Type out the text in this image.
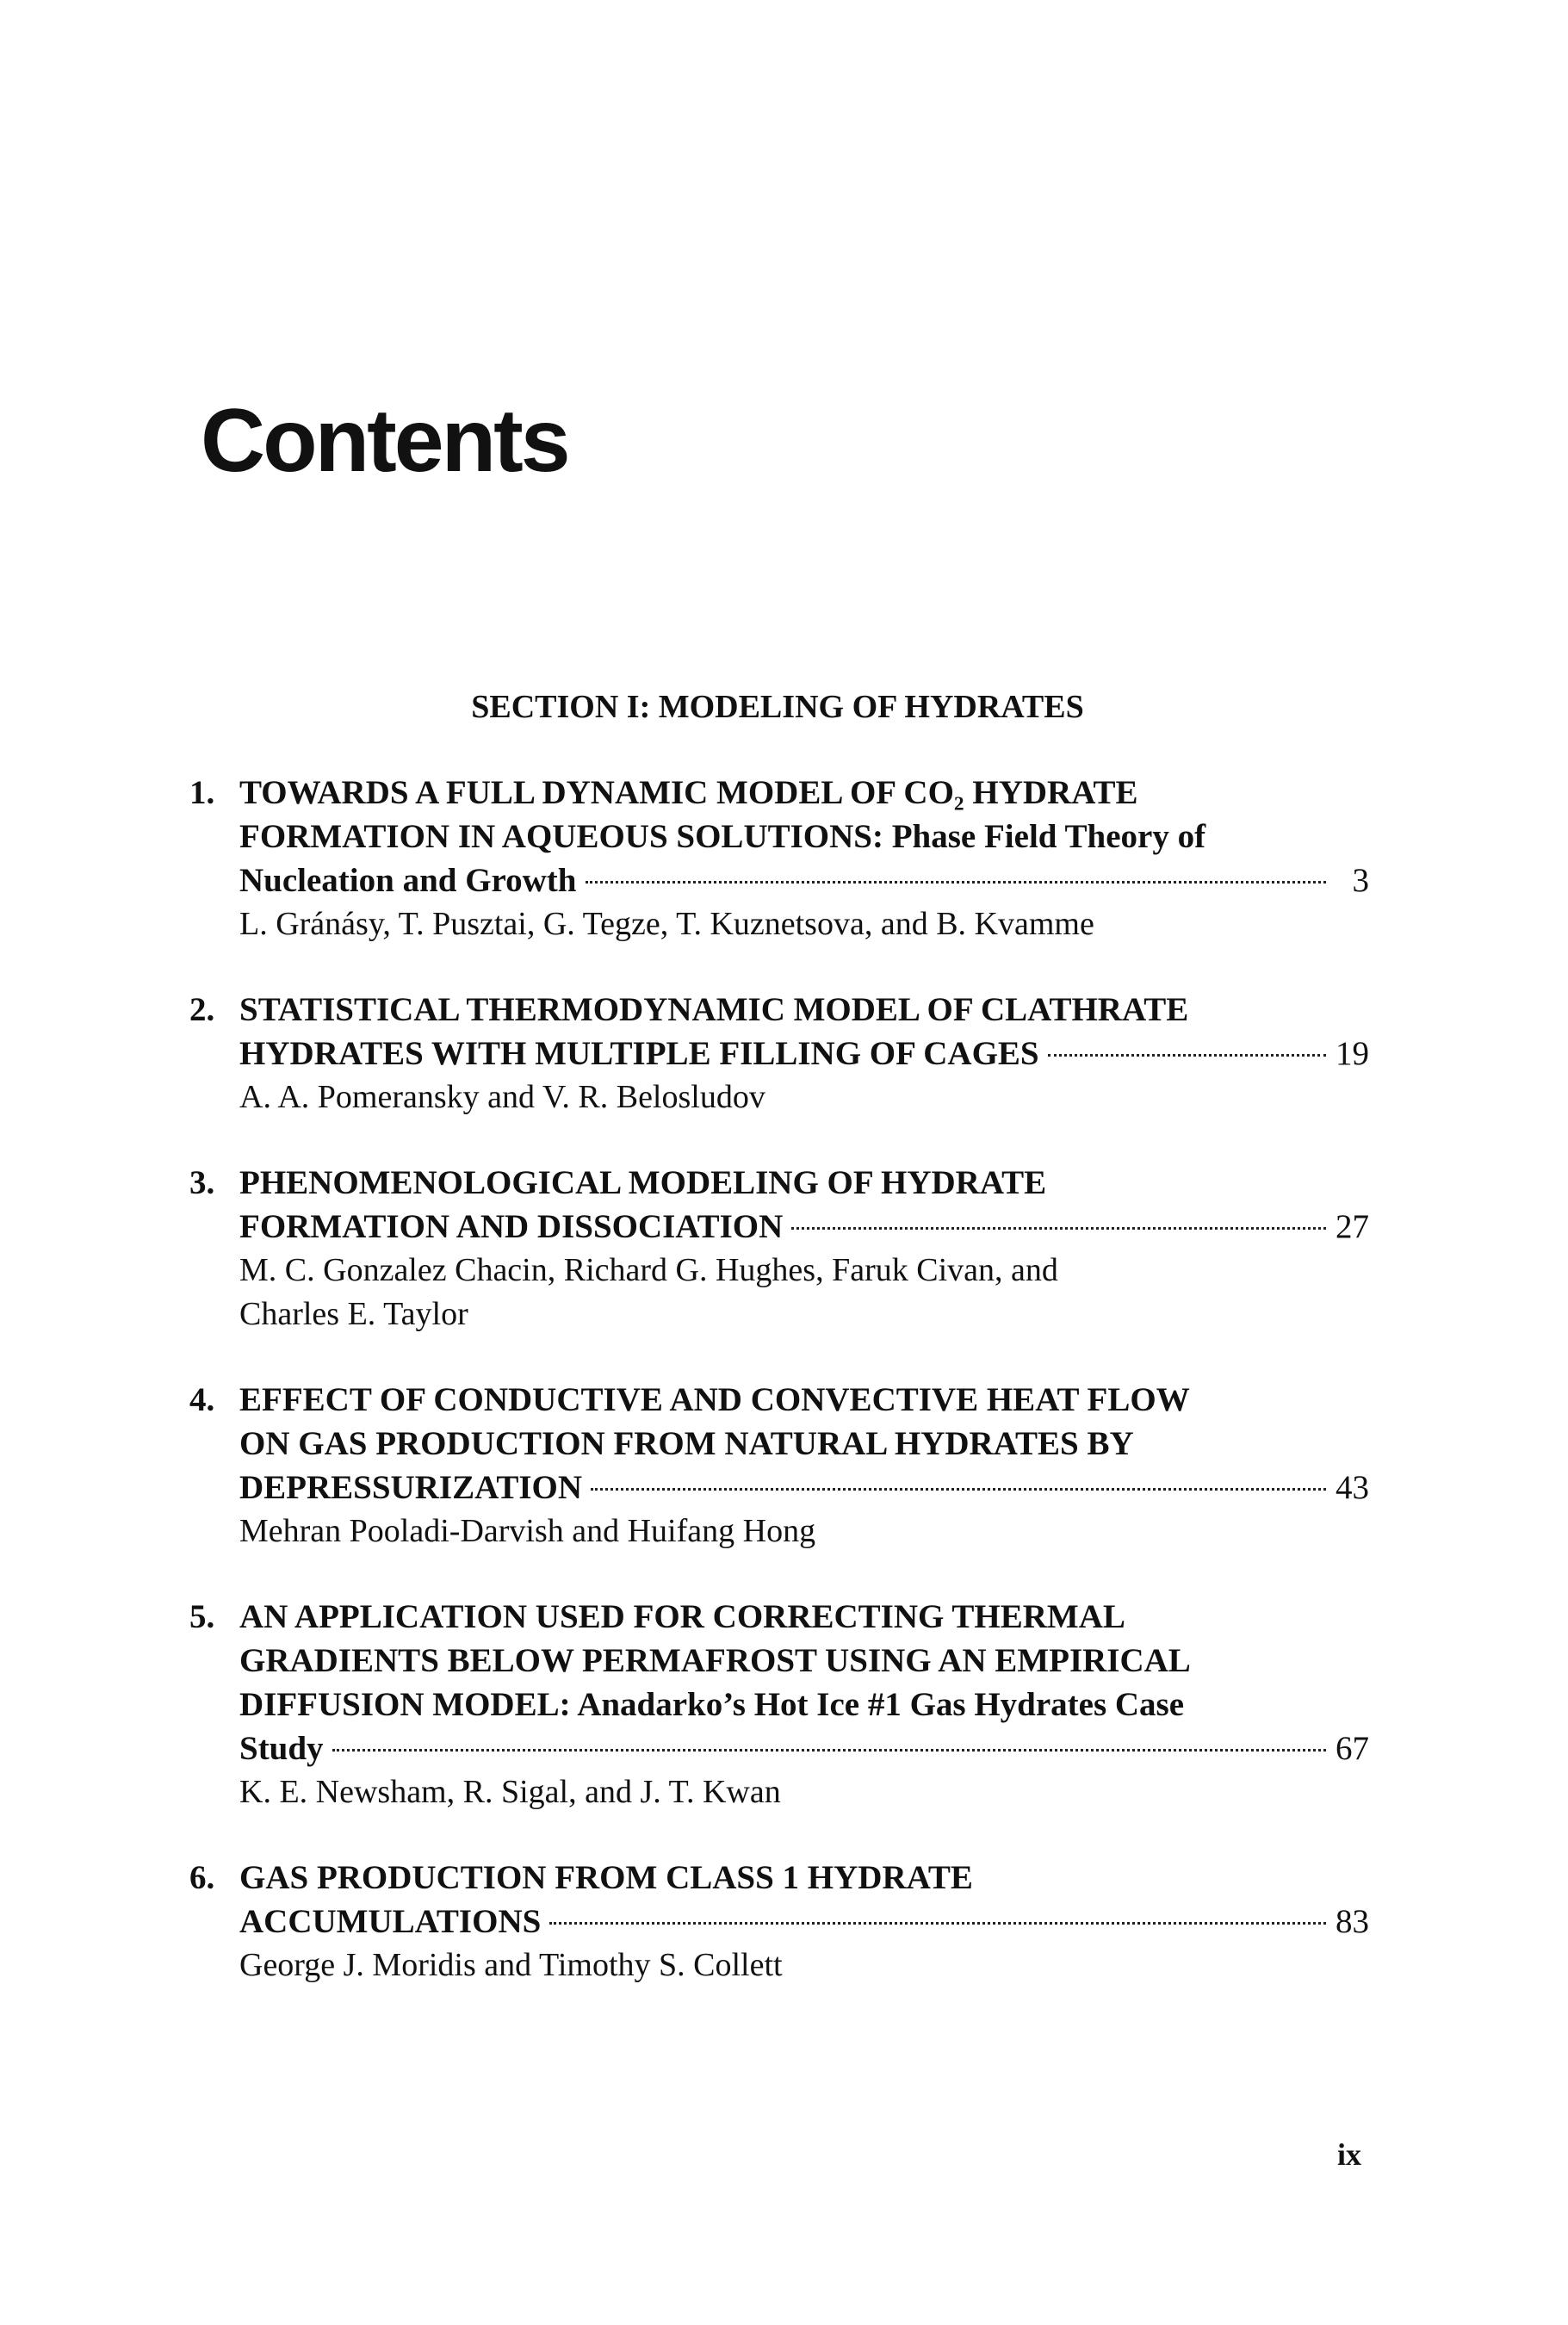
Contents
SECTION I: MODELING OF HYDRATES
1. TOWARDS A FULL DYNAMIC MODEL OF CO₂ HYDRATE
FORMATION IN AQUEOUS SOLUTIONS: Phase Field Theory of
Nucleation and Growth	3
L. Gránásy, T. Pusztai, G. Tegze, T. Kuznetsova, and B. Kvamme
2. STATISTICAL THERMODYNAMIC MODEL OF CLATHRATE
HYDRATES WITH MULTIPLE FILLING OF CAGES	19
A. A. Pomeransky and V. R. Belosludov
3. PHENOMENOLOGICAL MODELING OF HYDRATE
FORMATION AND DISSOCIATION	27
M. C. Gonzalez Chacin, Richard G. Hughes, Faruk Civan, and
Charles E. Taylor
4. EFFECT OF CONDUCTIVE AND CONVECTIVE HEAT FLOW
ON GAS PRODUCTION FROM NATURAL HYDRATES BY
DEPRESSURIZATION	43
Mehran Pooladi-Darvish and Huifang Hong
5. AN APPLICATION USED FOR CORRECTING THERMAL
GRADIENTS BELOW PERMAFROST USING AN EMPIRICAL
DIFFUSION MODEL: Anadarko’s Hot Ice #1 Gas Hydrates Case
Study	67
K. E. Newsham, R. Sigal, and J. T. Kwan
6. GAS PRODUCTION FROM CLASS 1 HYDRATE
ACCUMULATIONS	83
George J. Moridis and Timothy S. Collett
ix
